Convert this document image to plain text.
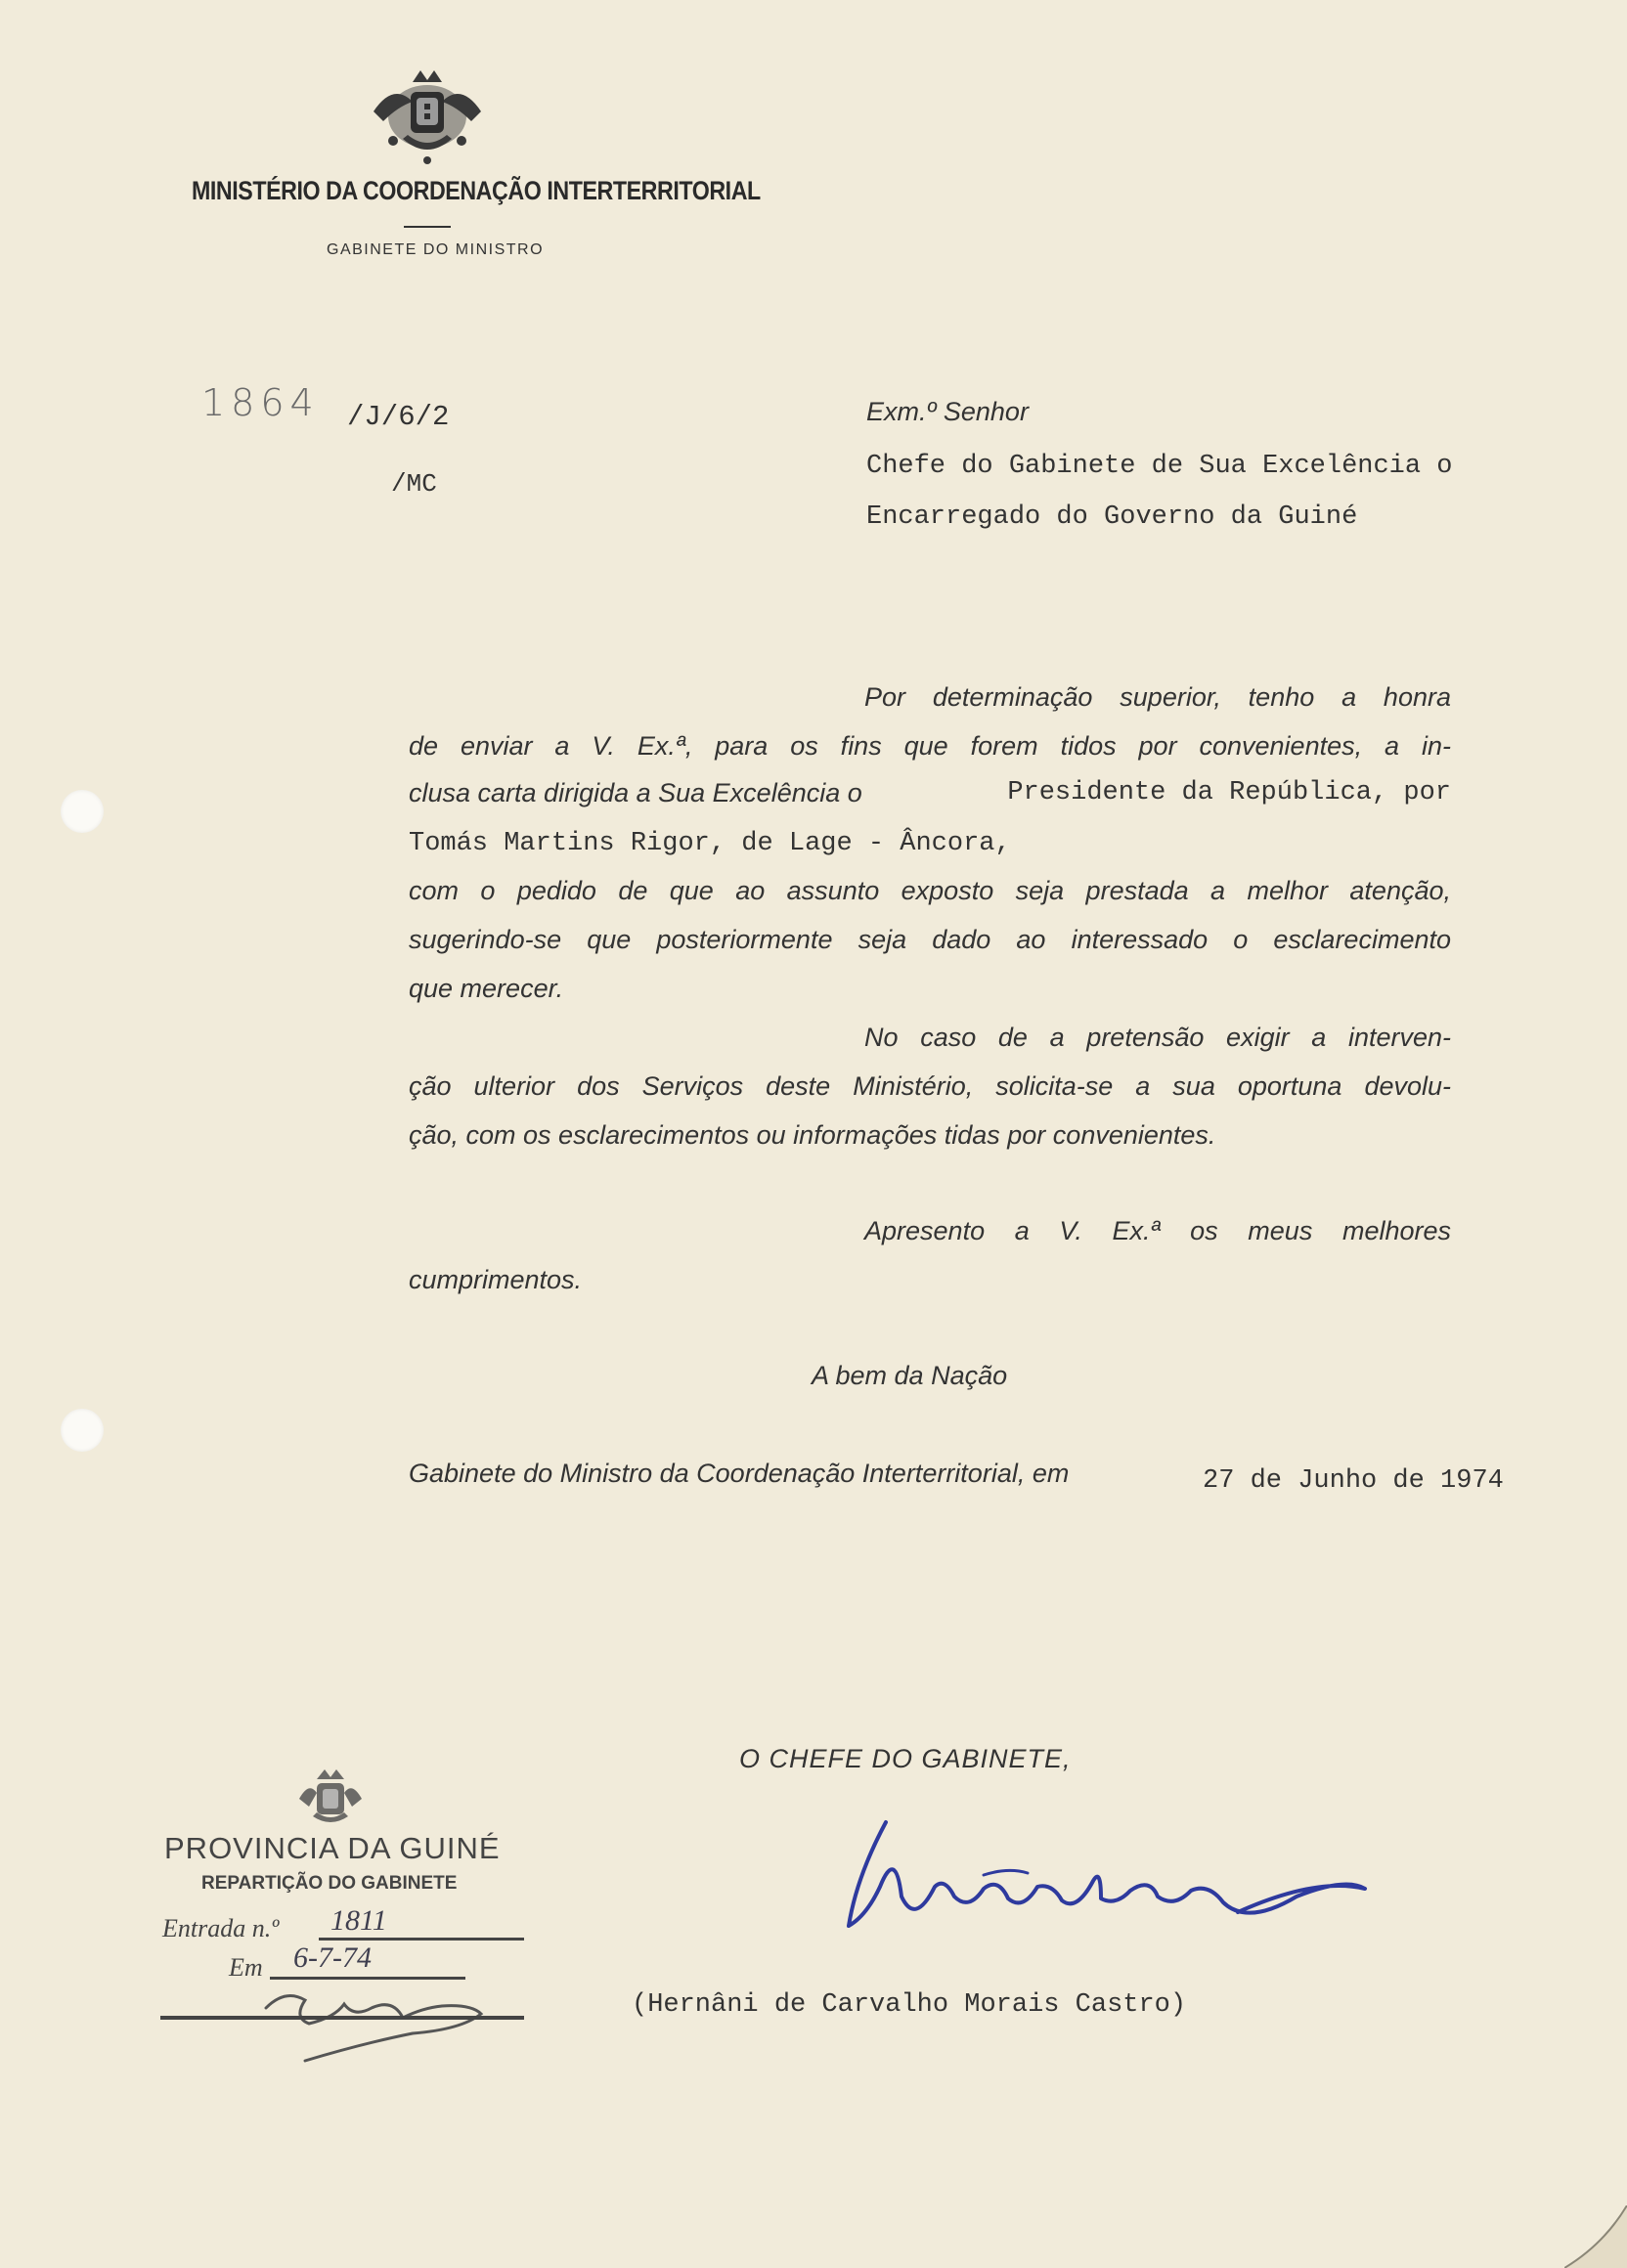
MINISTÉRIO DA COORDENAÇÃO INTERTERRITORIAL
GABINETE DO MINISTRO
1864 /J/6/2
/MC
Exm.º Senhor
Chefe do Gabinete de Sua Excelência o
Encarregado do Governo da Guiné
Por determinação superior, tenho a honra
de enviar a V. Ex.ª, para os fins que forem tidos por convenientes, a in-
clusa carta dirigida a Sua Excelência o	Presidente da República, por
Tomás Martins Rigor, de Lage - Âncora,
com o pedido de que ao assunto exposto seja prestada a melhor atenção,
sugerindo-se que posteriormente seja dado ao interessado o esclarecimento
que merecer.
No caso de a pretensão exigir a interven-
ção ulterior dos Serviços deste Ministério, solicita-se a sua oportuna devolu-
ção, com os esclarecimentos ou informações tidas por convenientes.
Apresento a V. Ex.ª os meus melhores
cumprimentos.
A bem da Nação
Gabinete do Ministro da Coordenação Interterritorial, em	27 de Junho de 1974
O CHEFE DO GABINETE,
(Hernâni de Carvalho Morais Castro)
PROVINCIA DA GUINÉ
REPARTIÇÃO DO GABINETE
Entrada n.º 1811
Em 6-7-74
